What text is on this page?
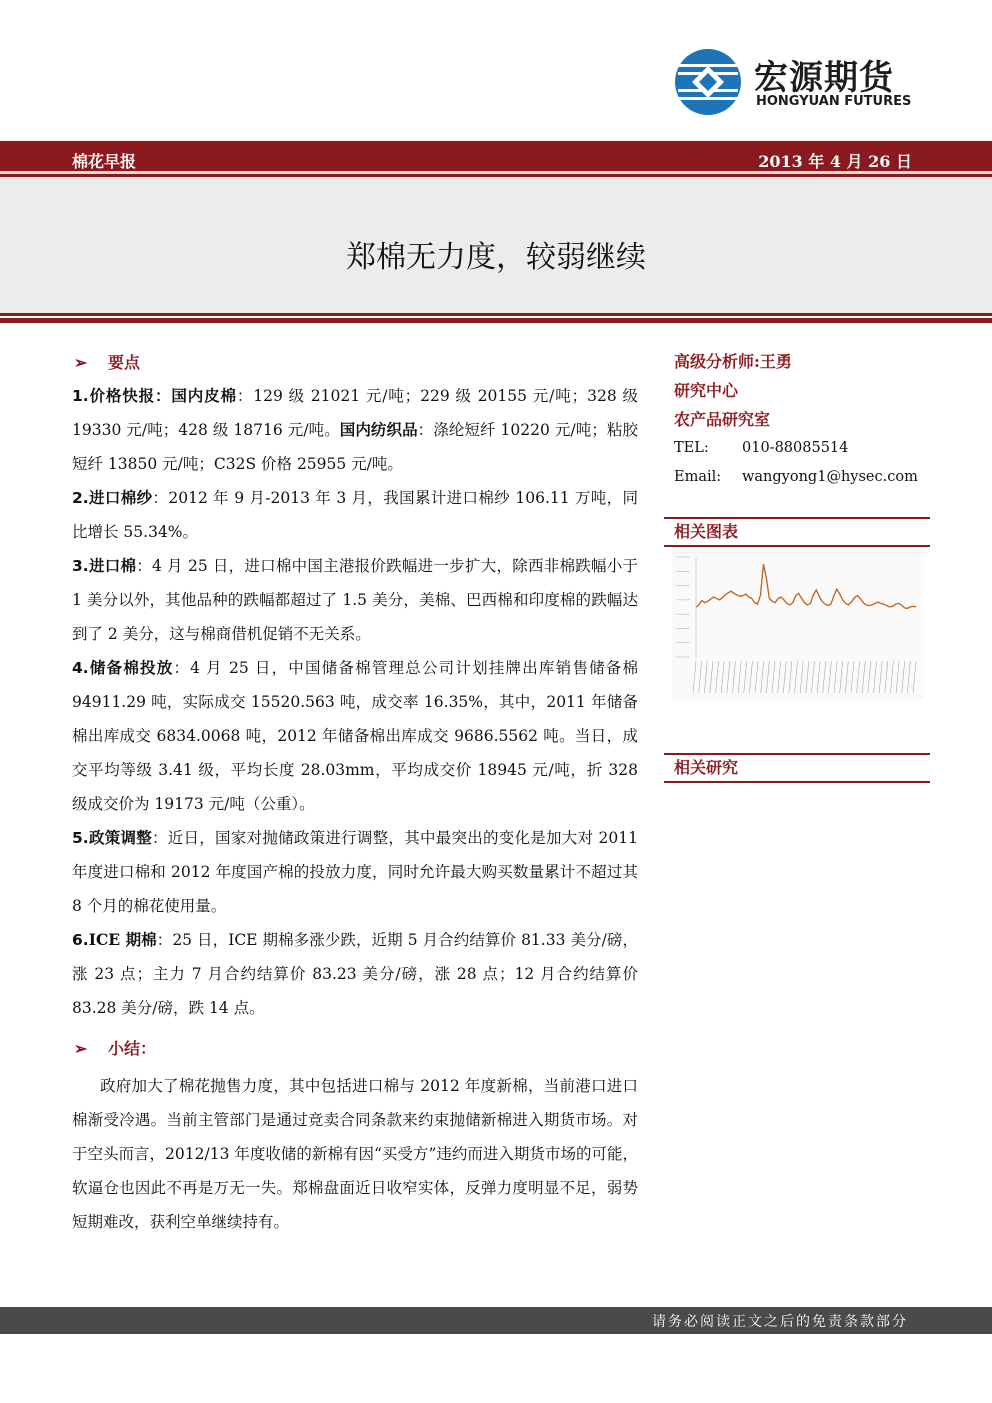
宏源期货
HONGYUAN FUTURES
棉花早报	2013 年 4 月 26 日
郑棉无力度，较弱继续
➢ 要点
1.价格快报：国内皮棉：129 级 21021 元/吨；229 级 20155 元/吨；328 级 19330 元/吨；428 级 18716 元/吨。国内纺织品：涤纶短纤 10220 元/吨；粘胶短纤 13850 元/吨；C32S 价格 25955 元/吨。
2.进口棉纱：2012 年 9 月-2013 年 3 月，我国累计进口棉纱 106.11 万吨，同比增长 55.34%。
3.进口棉：4 月 25 日，进口棉中国主港报价跌幅进一步扩大，除西非棉跌幅小于 1 美分以外，其他品种的跌幅都超过了 1.5 美分，美棉、巴西棉和印度棉的跌幅达到了 2 美分，这与棉商借机促销不无关系。
4.储备棉投放：4 月 25 日，中国储备棉管理总公司计划挂牌出库销售储备棉 94911.29 吨，实际成交 15520.563 吨，成交率 16.35%，其中，2011 年储备棉出库成交 6834.0068 吨，2012 年储备棉出库成交 9686.5562 吨。当日，成交平均等级 3.41 级，平均长度 28.03mm，平均成交价 18945 元/吨，折 328 级成交价为 19173 元/吨（公重）。
5.政策调整：近日，国家对抛储政策进行调整，其中最突出的变化是加大对 2011 年度进口棉和 2012 年度国产棉的投放力度，同时允许最大购买数量累计不超过其 8 个月的棉花使用量。
6.ICE 期棉：25 日，ICE 期棉多涨少跌，近期 5 月合约结算价 81.33 美分/磅，涨 23 点；主力 7 月合约结算价 83.23 美分/磅，涨 28 点；12 月合约结算价 83.28 美分/磅，跌 14 点。
➢ 小结：
政府加大了棉花抛售力度，其中包括进口棉与 2012 年度新棉，当前港口进口棉渐受冷遇。当前主管部门是通过竞卖合同条款来约束抛储新棉进入期货市场。对于空头而言，2012/13 年度收储的新棉有因“买受方”违约而进入期货市场的可能，软逼仓也因此不再是万无一失。郑棉盘面近日收窄实体，反弹力度明显不足，弱势短期难改，获利空单继续持有。
高级分析师:王勇
研究中心
农产品研究室
TEL: 010-88085514
Email: wangyong1@hysec.com
相关图表
相关研究
请务必阅读正文之后的免责条款部分
